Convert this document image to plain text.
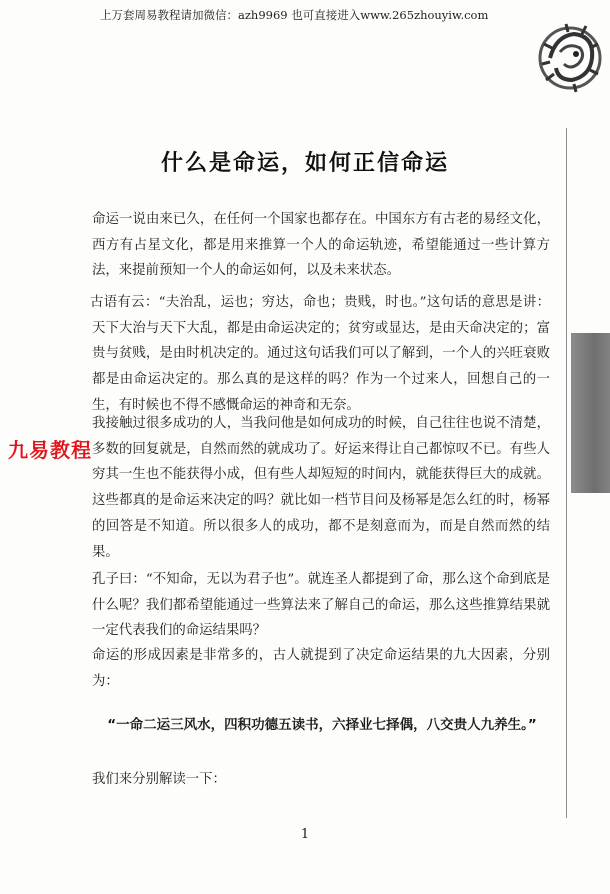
上万套周易教程请加微信：azh9969 也可直接进入www.265zhouyiw.com
什么是命运，如何正信命运
命运一说由来已久，在任何一个国家也都存在。中国东方有古老的易经文化，西方有占星文化，都是用来推算一个人的命运轨迹，希望能通过一些计算方法，来提前预知一个人的命运如何，以及未来状态。
古语有云：“夫治乱，运也；穷达，命也；贵贱，时也。”这句话的意思是讲：天下大治与天下大乱，都是由命运决定的；贫穷或显达，是由天命决定的；富贵与贫贱，是由时机决定的。通过这句话我们可以了解到，一个人的兴旺衰败都是由命运决定的。那么真的是这样的吗？作为一个过来人，回想自己的一生，有时候也不得不感慨命运的神奇和无奈。
我接触过很多成功的人，当我问他是如何成功的时候，自己往往也说不清楚，多数的回复就是，自然而然的就成功了。好运来得让自己都惊叹不已。有些人穷其一生也不能获得小成，但有些人却短短的时间内，就能获得巨大的成就。这些都真的是命运来决定的吗？就比如一档节目问及杨幂是怎么红的时，杨幂的回答是不知道。所以很多人的成功，都不是刻意而为，而是自然而然的结果。
孔子曰：“不知命，无以为君子也”。就连圣人都提到了命，那么这个命到底是什么呢？我们都希望能通过一些算法来了解自己的命运，那么这些推算结果就一定代表我们的命运结果吗？
命运的形成因素是非常多的，古人就提到了决定命运结果的九大因素，分别为：
“一命二运三风水，四积功德五读书，六择业七择偶，八交贵人九养生。”
我们来分别解读一下：
九易教程
1
